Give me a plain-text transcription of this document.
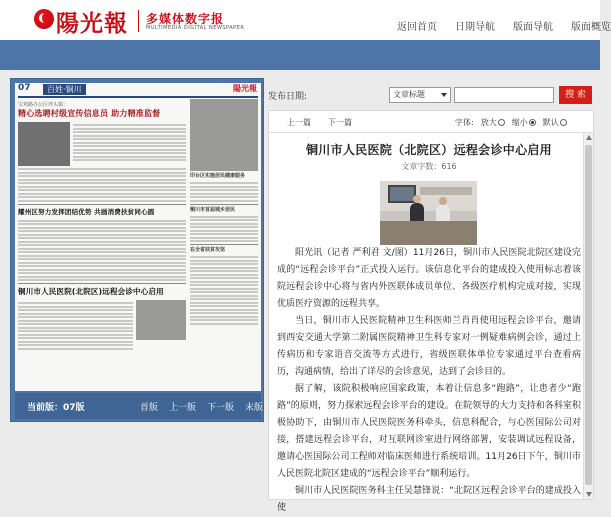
陽光報 多媒体数字报
MULTIMEDIA DIGITAL NEWSPAPER	返回首页 日期导航 版面导航 版面概览
07	百姓·铜川	陽光報
宝鸡路办公区坪头镇：
精心选聘村级宣传信息员 助力精准监督
耀州区努力发挥团结优势 共画消费扶贫同心圆
铜川市人民医院(北院区)远程会诊中心启用
印台区实施居民健康服务
铜川市首届城乡居民
在全省扶贫攻坚
当前版：07版	首版 上一版 下一版 末版
发布日期:	文章标题	搜 索
上一篇 下一篇	字体: 放大 缩小 默认
铜川市人民医院（北院区）远程会诊中心启用
文章字数：616

阳光讯（记者 严利君 文/图）11月26日，铜川市人民医院北院区建设完成的“远程会诊平台”正式投入运行。该信息化平台的建成投入使用标志着该院远程会诊中心将与省内外医联体成员单位、各级医疗机构完成对接，实现优质医疗资源的远程共享。

当日，铜川市人民医院精神卫生科医师兰肖肖使用远程会诊平台，邀请到西安交通大学第二附属医院精神卫生科专家对一例疑难病例会诊，通过上传病历和专家语音交流等方式进行，省级医联体单位专家通过平台查看病历，沟通病情，给出了详尽的会诊意见，达到了会诊目的。

据了解，该院积极响应国家政策，本着让信息多“跑路”，让患者少“跑路”的原则，努力探索远程会诊平台的建设。在院领导的大力支持和各科室积极协助下，由铜川市人民医院医务科牵头，信息科配合，与心医国际公司对接，搭建远程会诊平台，对互联网诊室进行网络部署，安装调试远程设备，邀请心医国际公司工程师对临床医师进行系统培训。11月26日下午，铜川市人民医院北院区建成的“远程会诊平台”顺利运行。

铜川市人民医院医务科主任吴慧锋说：“北院区远程会诊平台的建成投入使
